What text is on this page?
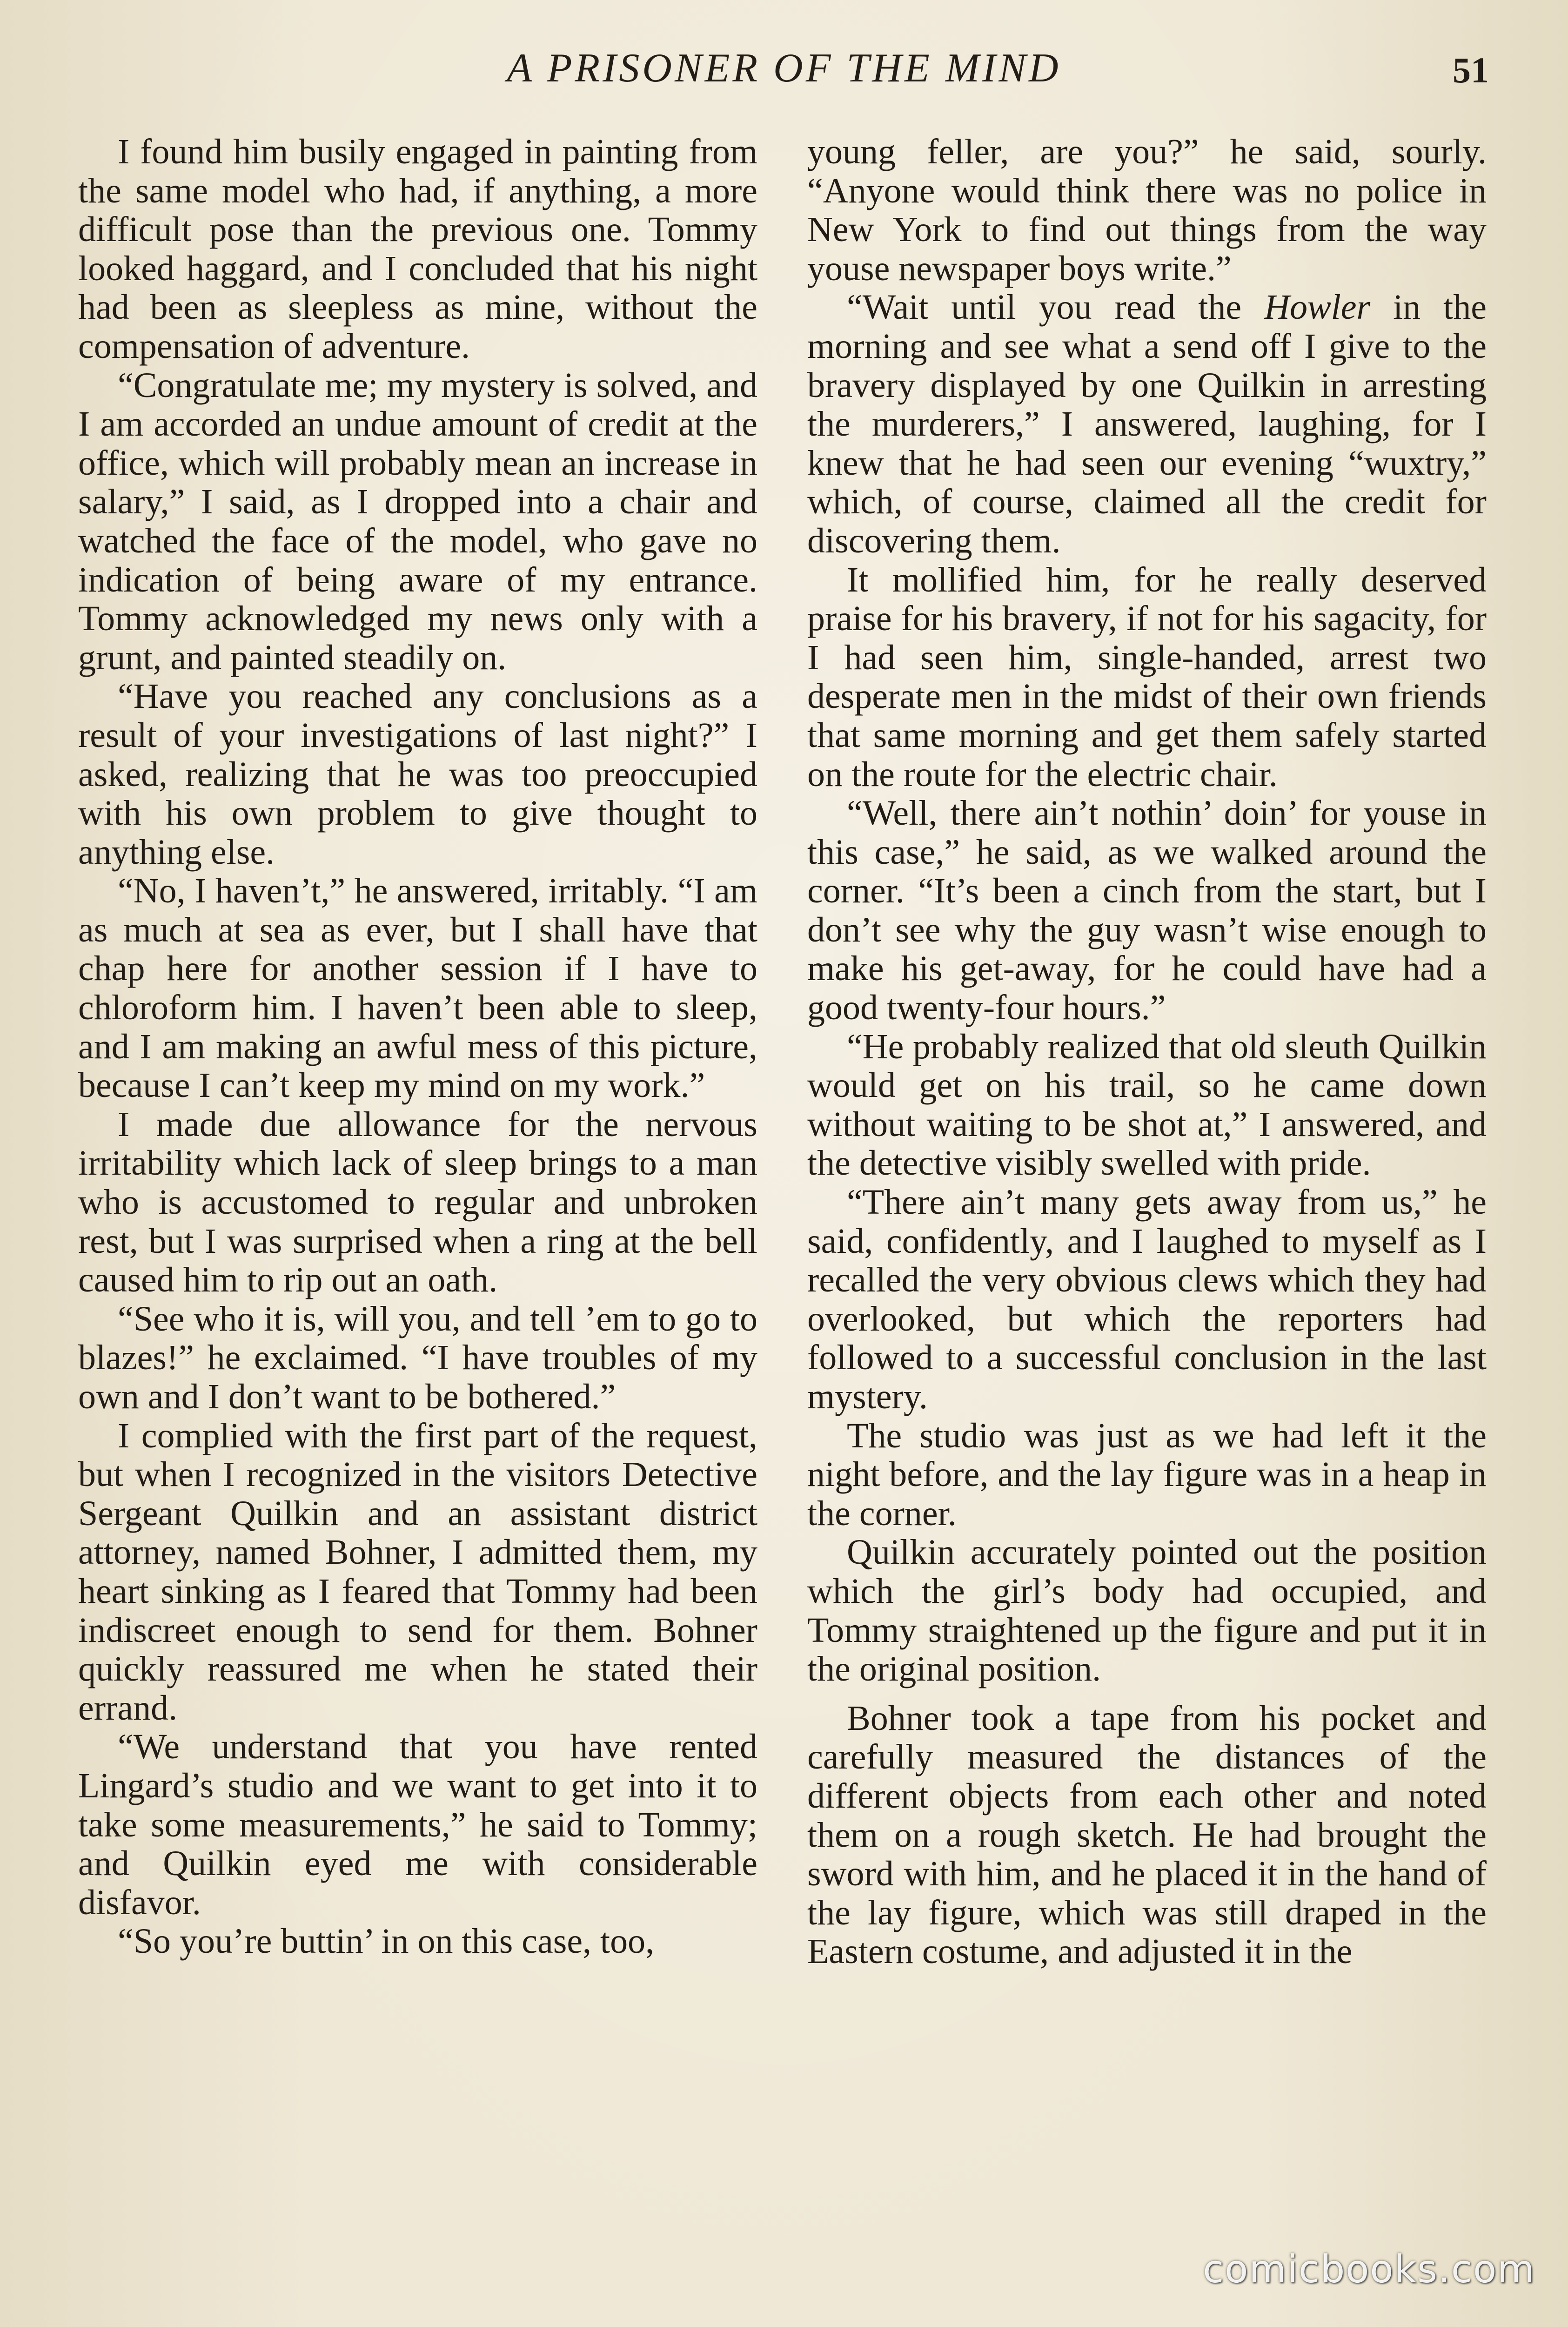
A PRISONER OF THE MIND	51

I found him busily engaged in painting from the same model who had, if anything, a more difficult pose than the previous one. Tommy looked haggard, and I concluded that his night had been as sleepless as mine, without the compensation of adventure.

“Congratulate me; my mystery is solved, and I am accorded an undue amount of credit at the office, which will probably mean an increase in salary,” I said, as I dropped into a chair and watched the face of the model, who gave no indication of being aware of my entrance. Tommy acknowledged my news only with a grunt, and painted steadily on.

“Have you reached any conclusions as a result of your investigations of last night?” I asked, realizing that he was too preoccupied with his own problem to give thought to anything else.

“No, I haven’t,” he answered, irritably. “I am as much at sea as ever, but I shall have that chap here for another session if I have to chloroform him. I haven’t been able to sleep, and I am making an awful mess of this picture, because I can’t keep my mind on my work.”

I made due allowance for the nervous irritability which lack of sleep brings to a man who is accustomed to regular and unbroken rest, but I was surprised when a ring at the bell caused him to rip out an oath.

“See who it is, will you, and tell ’em to go to blazes!” he exclaimed. “I have troubles of my own and I don’t want to be bothered.”

I complied with the first part of the request, but when I recognized in the visitors Detective Sergeant Quilkin and an assistant district attorney, named Bohner, I admitted them, my heart sinking as I feared that Tommy had been indiscreet enough to send for them. Bohner quickly reassured me when he stated their errand.

“We understand that you have rented Lingard’s studio and we want to get into it to take some measurements,” he said to Tommy; and Quilkin eyed me with considerable disfavor.

“So you’re buttin’ in on this case, too,

young feller, are you?” he said, sourly. “Anyone would think there was no police in New York to find out things from the way youse newspaper boys write.”

“Wait until you read the Howler in the morning and see what a send off I give to the bravery displayed by one Quilkin in arresting the murderers,” I answered, laughing, for I knew that he had seen our evening “wuxtry,” which, of course, claimed all the credit for discovering them.

It mollified him, for he really deserved praise for his bravery, if not for his sagacity, for I had seen him, single-handed, arrest two desperate men in the midst of their own friends that same morning and get them safely started on the route for the electric chair.

“Well, there ain’t nothin’ doin’ for youse in this case,” he said, as we walked around the corner. “It’s been a cinch from the start, but I don’t see why the guy wasn’t wise enough to make his get-away, for he could have had a good twenty-four hours.”

“He probably realized that old sleuth Quilkin would get on his trail, so he came down without waiting to be shot at,” I answered, and the detective visibly swelled with pride.

“There ain’t many gets away from us,” he said, confidently, and I laughed to myself as I recalled the very obvious clews which they had overlooked, but which the reporters had followed to a successful conclusion in the last mystery.

The studio was just as we had left it the night before, and the lay figure was in a heap in the corner.

Quilkin accurately pointed out the position which the girl’s body had occupied, and Tommy straightened up the figure and put it in the original position.

Bohner took a tape from his pocket and carefully measured the distances of the different objects from each other and noted them on a rough sketch. He had brought the sword with him, and he placed it in the hand of the lay figure, which was still draped in the Eastern costume, and adjusted it in the

comicbooks.com
